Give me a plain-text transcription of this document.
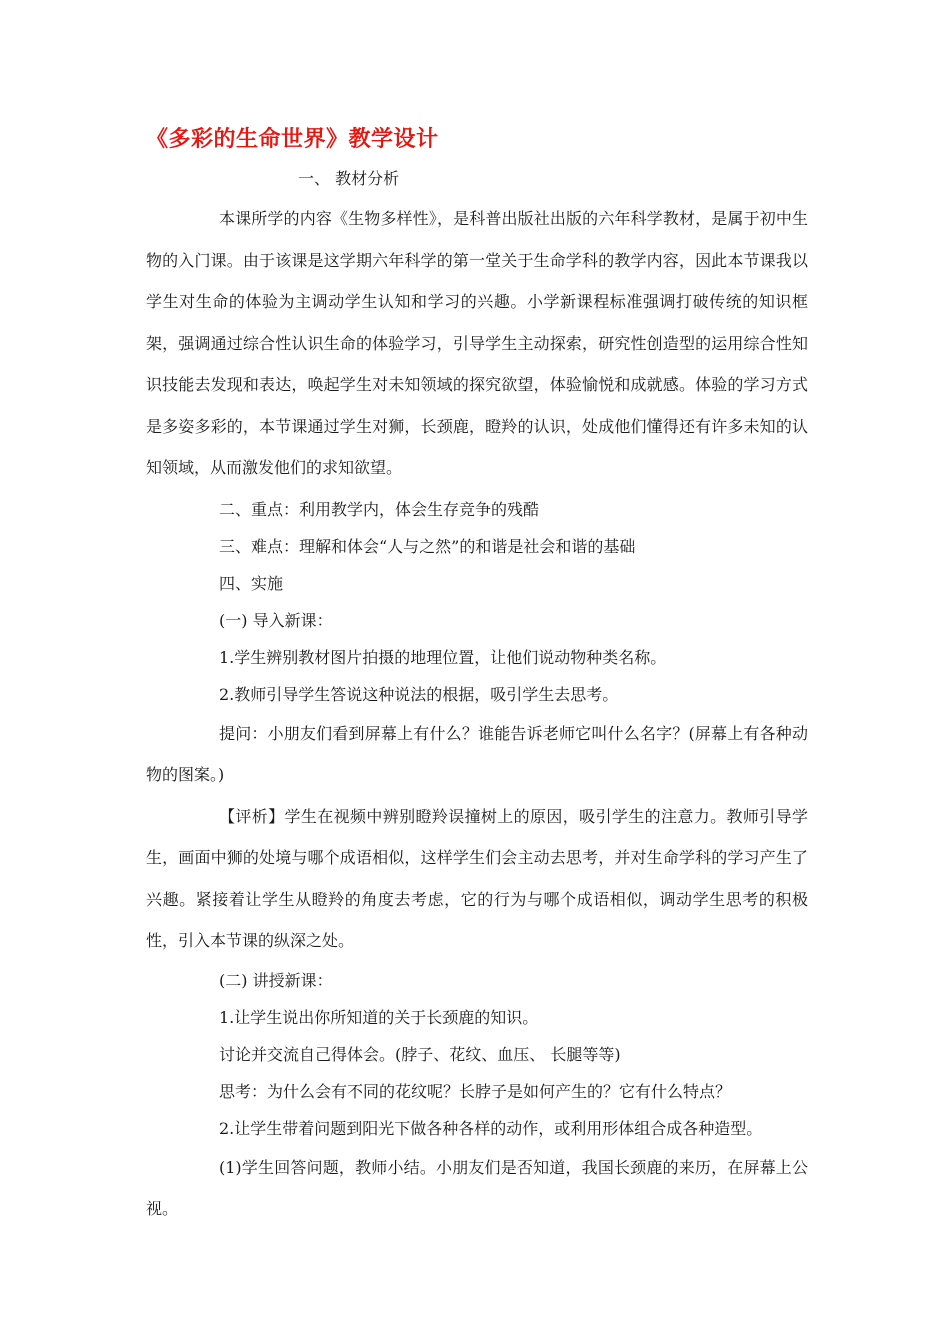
《多彩的生命世界》教学设计

一、 教材分析

本课所学的内容《生物多样性》，是科普出版社出版的六年科学教材，是属于初中生物的入门课。由于该课是这学期六年科学的第一堂关于生命学科的教学内容，因此本节课我以学生对生命的体验为主调动学生认知和学习的兴趣。小学新课程标准强调打破传统的知识框架，强调通过综合性认识生命的体验学习，引导学生主动探索，研究性创造型的运用综合性知识技能去发现和表达，唤起学生对未知领域的探究欲望，体验愉悦和成就感。体验的学习方式是多姿多彩的，本节课通过学生对狮，长颈鹿，瞪羚的认识，处成他们懂得还有许多未知的认知领域，从而激发他们的求知欲望。

二、重点：利用教学内，体会生存竞争的残酷

三、难点：理解和体会“人与之然”的和谐是社会和谐的基础

四、实施

(一) 导入新课：

1.学生辨别教材图片拍摄的地理位置，让他们说动物种类名称。

2.教师引导学生答说这种说法的根据，吸引学生去思考。

提问：小朋友们看到屏幕上有什么？谁能告诉老师它叫什么名字？(屏幕上有各种动物的图案。)

【评析】学生在视频中辨别瞪羚误撞树上的原因，吸引学生的注意力。教师引导学生，画面中狮的处境与哪个成语相似，这样学生们会主动去思考，并对生命学科的学习产生了兴趣。紧接着让学生从瞪羚的角度去考虑，它的行为与哪个成语相似，调动学生思考的积极性，引入本节课的纵深之处。

(二) 讲授新课：

1.让学生说出你所知道的关于长颈鹿的知识。

讨论并交流自己得体会。(脖子、花纹、血压、 长腿等等)

思考：为什么会有不同的花纹呢？长脖子是如何产生的？它有什么特点？

2.让学生带着问题到阳光下做各种各样的动作，或利用形体组合成各种造型。

(1)学生回答问题，教师小结。小朋友们是否知道，我国长颈鹿的来历，在屏幕上公视。
